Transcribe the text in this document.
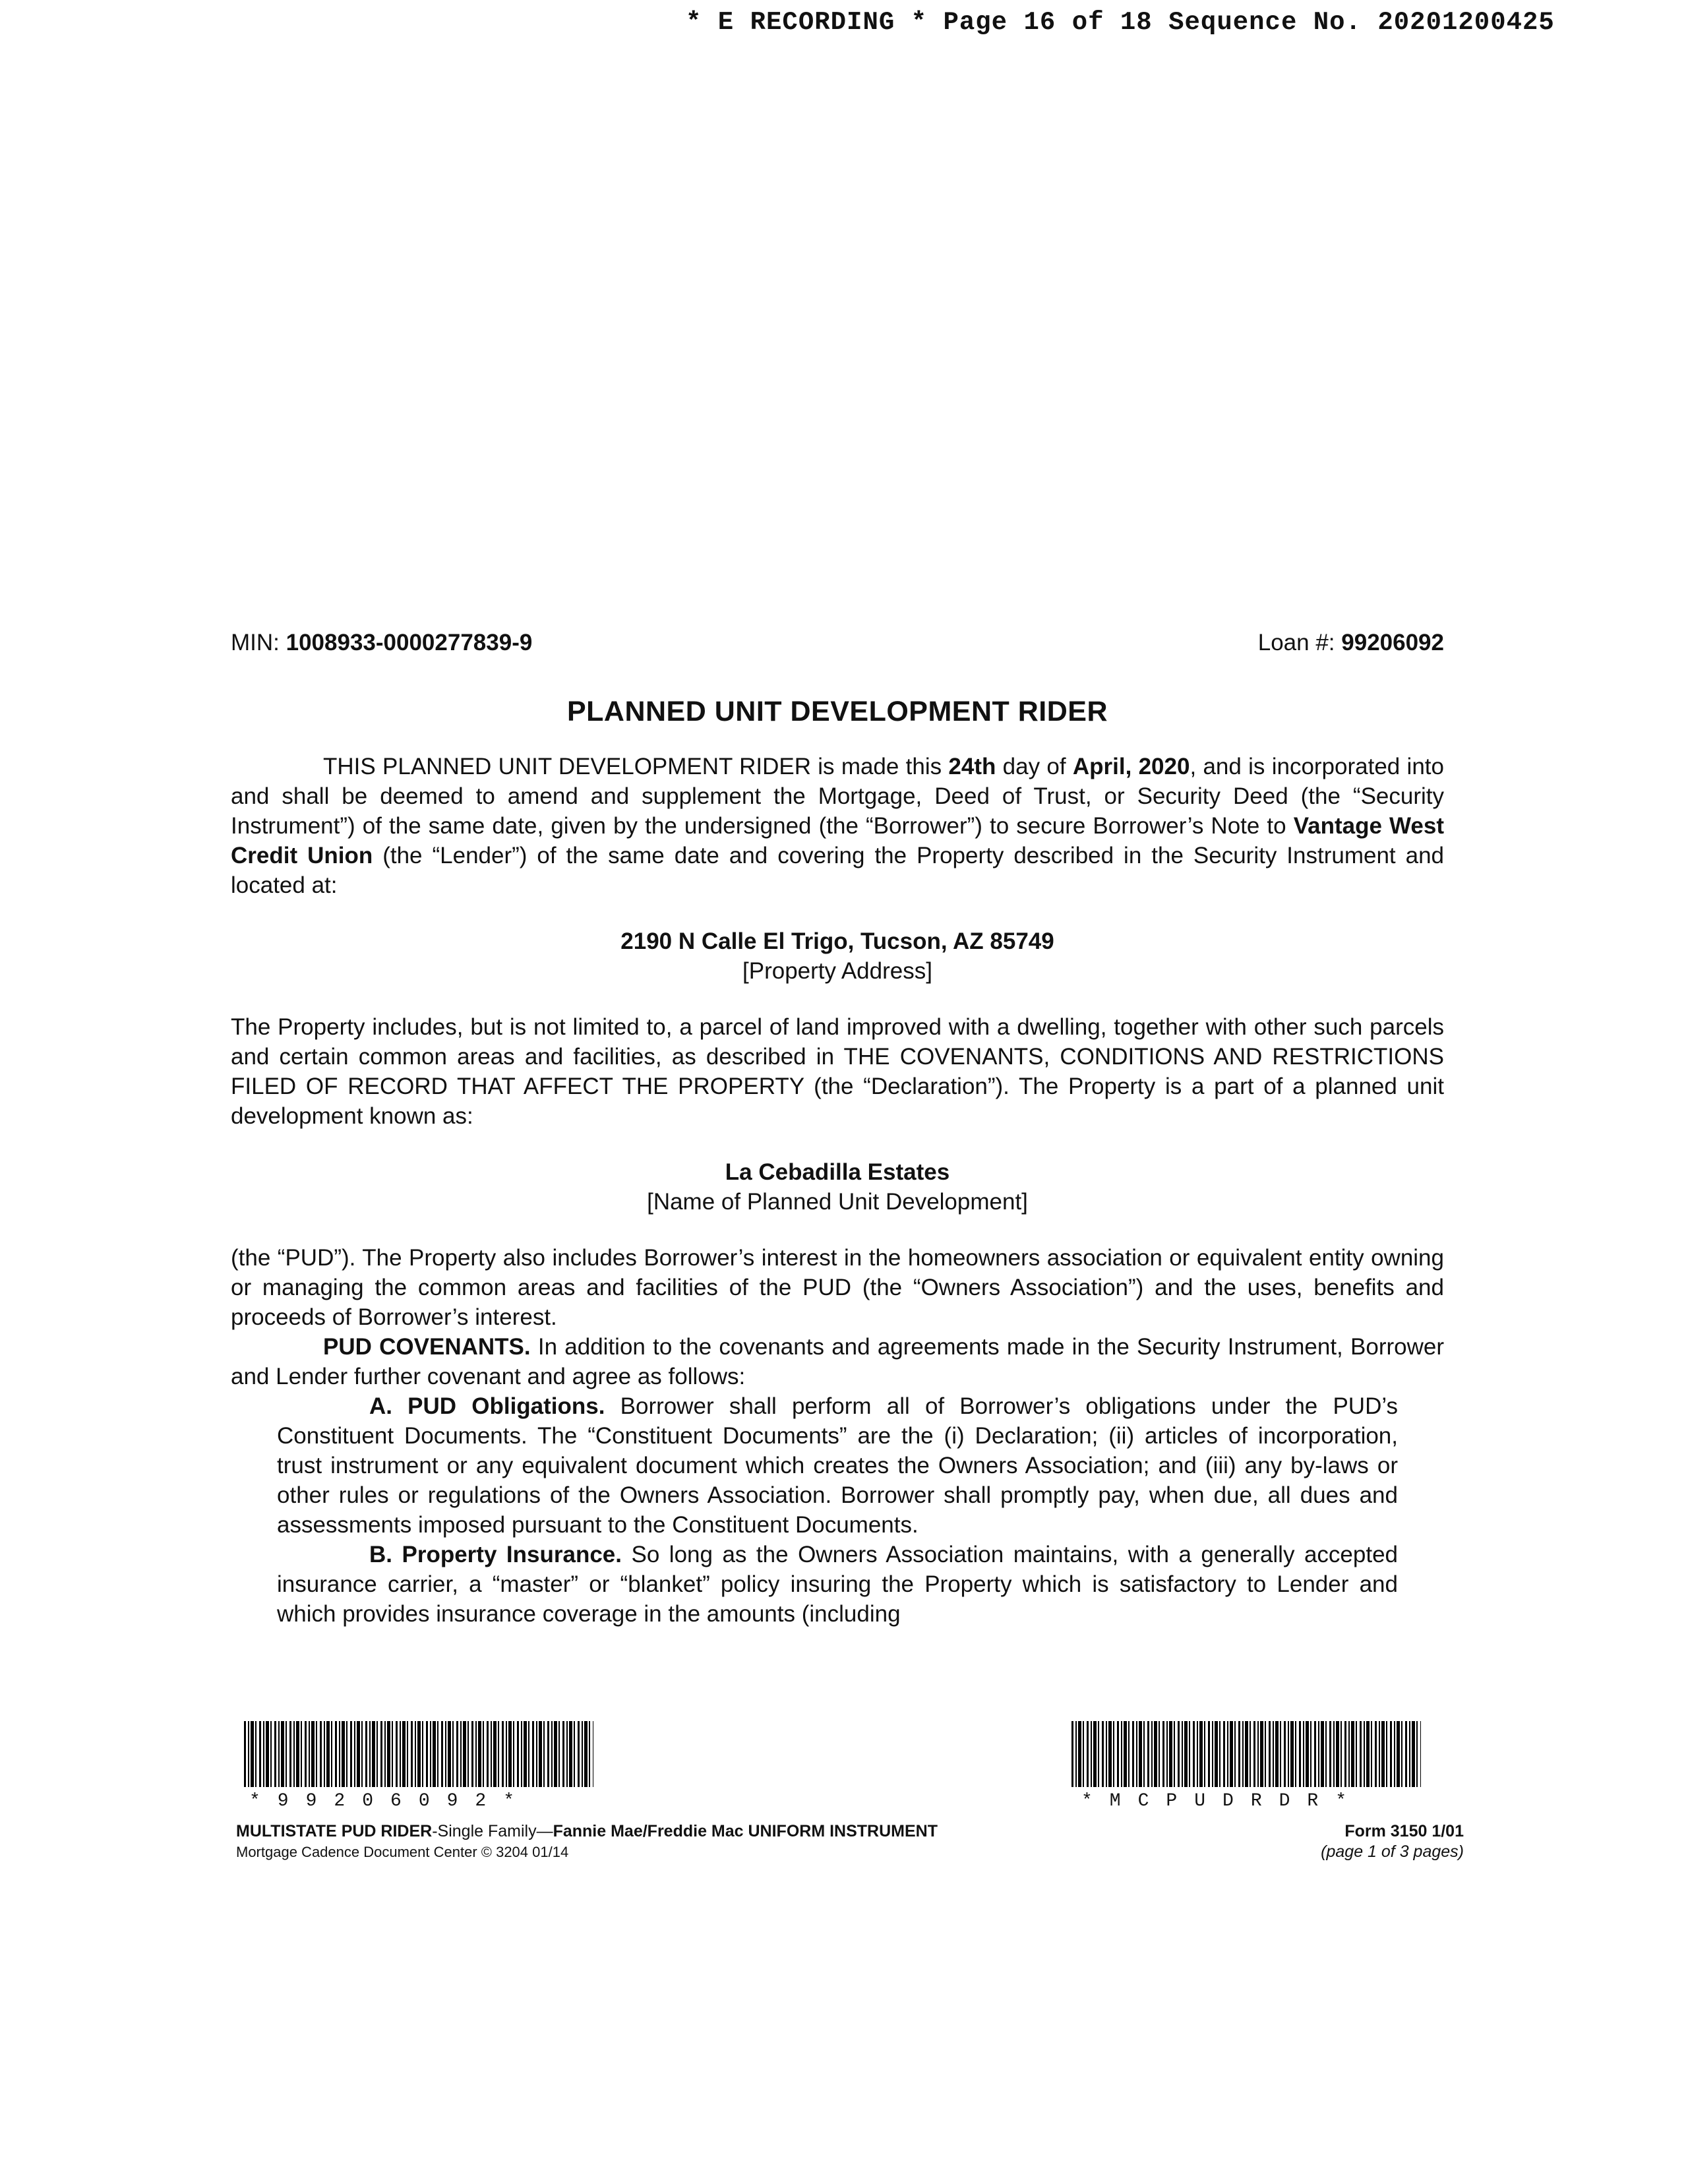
* E RECORDING * Page 16 of 18 Sequence No. 20201200425
MIN: 1008933-0000277839-9	Loan #: 99206092
PLANNED UNIT DEVELOPMENT RIDER

THIS PLANNED UNIT DEVELOPMENT RIDER is made this 24th day of April, 2020, and is incorporated into and shall be deemed to amend and supplement the Mortgage, Deed of Trust, or Security Deed (the “Security Instrument”) of the same date, given by the undersigned (the “Borrower”) to secure Borrower’s Note to Vantage West Credit Union (the “Lender”) of the same date and covering the Property described in the Security Instrument and located at:

2190 N Calle El Trigo, Tucson, AZ 85749
[Property Address]

The Property includes, but is not limited to, a parcel of land improved with a dwelling, together with other such parcels and certain common areas and facilities, as described in THE COVENANTS, CONDITIONS AND RESTRICTIONS FILED OF RECORD THAT AFFECT THE PROPERTY (the “Declaration”). The Property is a part of a planned unit development known as:

La Cebadilla Estates
[Name of Planned Unit Development]

(the “PUD”). The Property also includes Borrower’s interest in the homeowners association or equivalent entity owning or managing the common areas and facilities of the PUD (the “Owners Association”) and the uses, benefits and proceeds of Borrower’s interest.

PUD COVENANTS. In addition to the covenants and agreements made in the Security Instrument, Borrower and Lender further covenant and agree as follows:

A. PUD Obligations. Borrower shall perform all of Borrower’s obligations under the PUD’s Constituent Documents. The “Constituent Documents” are the (i) Declaration; (ii) articles of incorporation, trust instrument or any equivalent document which creates the Owners Association; and (iii) any by-laws or other rules or regulations of the Owners Association. Borrower shall promptly pay, when due, all dues and assessments imposed pursuant to the Constituent Documents.

B. Property Insurance. So long as the Owners Association maintains, with a generally accepted insurance carrier, a “master” or “blanket” policy insuring the Property which is satisfactory to Lender and which provides insurance coverage in the amounts (including

*99206092*	*MCPUDRDR*
MULTISTATE PUD RIDER-Single Family—Fannie Mae/Freddie Mac UNIFORM INSTRUMENT
Mortgage Cadence Document Center © 3204 01/14
Form 3150 1/01
(page 1 of 3 pages)
